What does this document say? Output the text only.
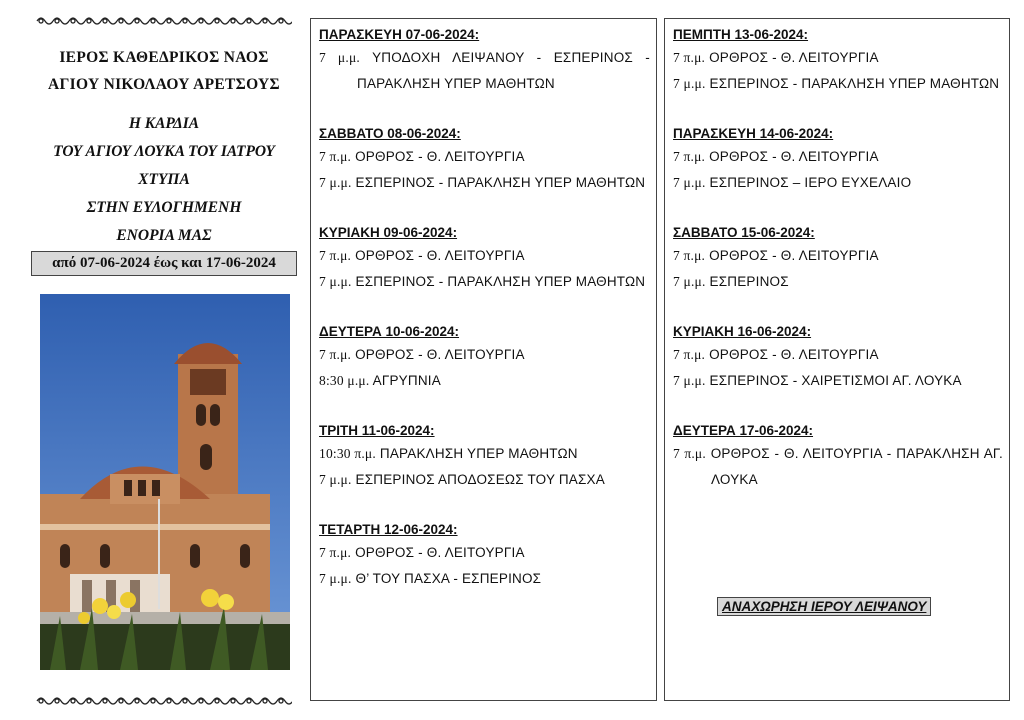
ΙΕΡΟΣ ΚΑΘΕΔΡΙΚΟΣ ΝΑΟΣ
ΑΓΙΟΥ ΝΙΚΟΛΑΟΥ ΑΡΕΤΣΟΥΣ
Η ΚΑΡΔΙΑ
ΤΟΥ ΑΓΙΟΥ ΛΟΥΚΑ ΤΟΥ ΙΑΤΡΟΥ
ΧΤΥΠΑ
ΣΤΗΝ ΕΥΛΟΓΗΜΕΝΗ
ΕΝΟΡΙΑ ΜΑΣ
από 07-06-2024 έως και 17-06-2024
ΠΑΡΑΣΚΕΥΗ 07-06-2024:
7 μ.μ. ΥΠΟΔΟΧΗ ΛΕΙΨΑΝΟΥ - ΕΣΠΕΡΙΝΟΣ - ΠΑΡΑΚΛΗΣΗ ΥΠΕΡ ΜΑΘΗΤΩΝ
ΣΑΒΒΑΤΟ 08-06-2024:
7 π.μ. ΟΡΘΡΟΣ - Θ. ΛΕΙΤΟΥΡΓΙΑ
7 μ.μ. ΕΣΠΕΡΙΝΟΣ - ΠΑΡΑΚΛΗΣΗ ΥΠΕΡ ΜΑΘΗΤΩΝ
ΚΥΡΙΑΚΗ 09-06-2024:
7 π.μ. ΟΡΘΡΟΣ - Θ. ΛΕΙΤΟΥΡΓΙΑ
7 μ.μ. ΕΣΠΕΡΙΝΟΣ - ΠΑΡΑΚΛΗΣΗ ΥΠΕΡ ΜΑΘΗΤΩΝ
ΔΕΥΤΕΡΑ 10-06-2024:
7 π.μ. ΟΡΘΡΟΣ - Θ. ΛΕΙΤΟΥΡΓΙΑ
8:30 μ.μ. ΑΓΡΥΠΝΙΑ
ΤΡΙΤΗ 11-06-2024:
10:30 π.μ. ΠΑΡΑΚΛΗΣΗ ΥΠΕΡ ΜΑΘΗΤΩΝ
7 μ.μ. ΕΣΠΕΡΙΝΟΣ ΑΠΟΔΟΣΕΩΣ ΤΟΥ ΠΑΣΧΑ
ΤΕΤΑΡΤΗ 12-06-2024:
7 π.μ. ΟΡΘΡΟΣ - Θ. ΛΕΙΤΟΥΡΓΙΑ
7 μ.μ. Θ’ ΤΟΥ ΠΑΣΧΑ - ΕΣΠΕΡΙΝΟΣ
ΠΕΜΠΤΗ 13-06-2024:
7 π.μ. ΟΡΘΡΟΣ - Θ. ΛΕΙΤΟΥΡΓΙΑ
7 μ.μ. ΕΣΠΕΡΙΝΟΣ - ΠΑΡΑΚΛΗΣΗ ΥΠΕΡ ΜΑΘΗΤΩΝ
ΠΑΡΑΣΚΕΥΗ 14-06-2024:
7 π.μ. ΟΡΘΡΟΣ - Θ. ΛΕΙΤΟΥΡΓΙΑ
7 μ.μ. ΕΣΠΕΡΙΝΟΣ – ΙΕΡΟ ΕΥΧΕΛΑΙΟ
ΣΑΒΒΑΤΟ 15-06-2024:
7 π.μ. ΟΡΘΡΟΣ - Θ. ΛΕΙΤΟΥΡΓΙΑ
7 μ.μ. ΕΣΠΕΡΙΝΟΣ
ΚΥΡΙΑΚΗ 16-06-2024:
7 π.μ. ΟΡΘΡΟΣ - Θ. ΛΕΙΤΟΥΡΓΙΑ
7 μ.μ. ΕΣΠΕΡΙΝΟΣ - ΧΑΙΡΕΤΙΣΜΟΙ ΑΓ. ΛΟΥΚΑ
ΔΕΥΤΕΡΑ 17-06-2024:
7 π.μ. ΟΡΘΡΟΣ - Θ. ΛΕΙΤΟΥΡΓΙΑ - ΠΑΡΑΚΛΗΣΗ ΑΓ. ΛΟΥΚΑ
ΑΝΑΧΩΡΗΣΗ ΙΕΡΟΥ ΛΕΙΨΑΝΟΥ
